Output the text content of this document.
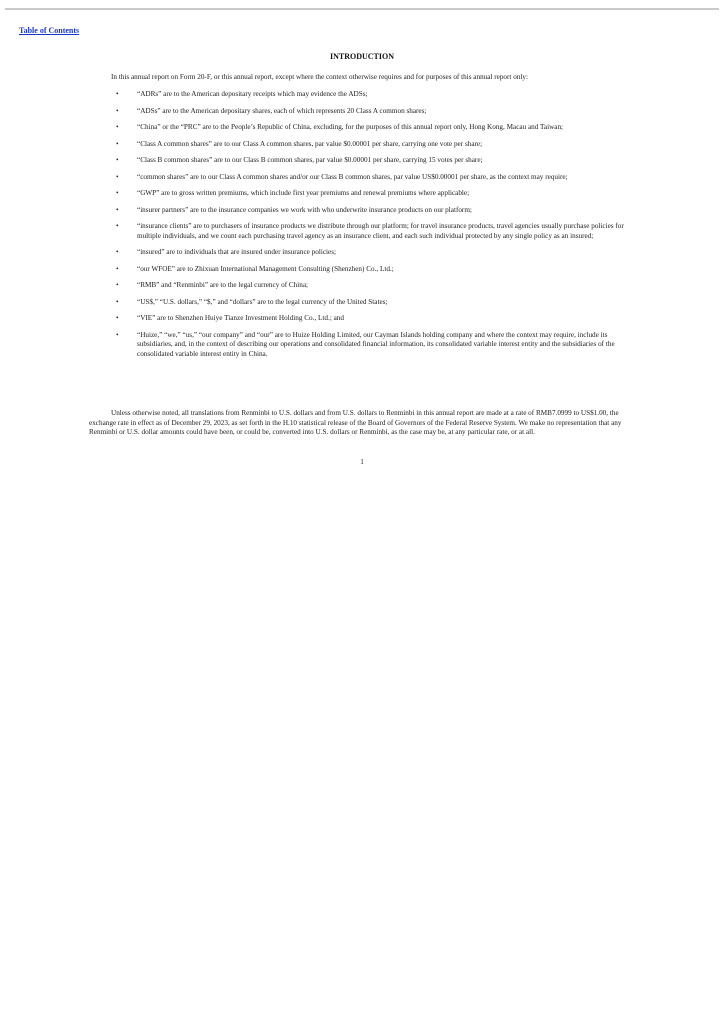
Table of Contents
INTRODUCTION
In this annual report on Form 20-F, or this annual report, except where the context otherwise requires and for purposes of this annual report only:
•	“ADRs” are to the American depositary receipts which may evidence the ADSs;
•	“ADSs” are to the American depositary shares, each of which represents 20 Class A common shares;
•	“China” or the “PRC” are to the People’s Republic of China, excluding, for the purposes of this annual report only, Hong Kong, Macau and Taiwan;
•	“Class A common shares” are to our Class A common shares, par value $0.00001 per share, carrying one vote per share;
•	“Class B common shares” are to our Class B common shares, par value $0.00001 per share, carrying 15 votes per share;
•	“common shares” are to our Class A common shares and/or our Class B common shares, par value US$0.00001 per share, as the context may require;
•	“GWP” are to gross written premiums, which include first year premiums and renewal premiums where applicable;
•	“insurer partners” are to the insurance companies we work with who underwrite insurance products on our platform;
•	“insurance clients” are to purchasers of insurance products we distribute through our platform; for travel insurance products, travel agencies usually purchase policies for multiple individuals, and we count each purchasing travel agency as an insurance client, and each such individual protected by any single policy as an insured;
•	“insured” are to individuals that are insured under insurance policies;
•	“our WFOE” are to Zhixuan International Management Consulting (Shenzhen) Co., Ltd.;
•	“RMB” and “Renminbi” are to the legal currency of China;
•	“US$,” “U.S. dollars,” “$,” and “dollars” are to the legal currency of the United States;
•	“VIE” are to Shenzhen Huiye Tianze Investment Holding Co., Ltd.; and
•	“Huize,” “we,” “us,” “our company” and “our” are to Huize Holding Limited, our Cayman Islands holding company and where the context may require, include its subsidiaries, and, in the context of describing our operations and consolidated financial information, its consolidated variable interest entity and the subsidiaries of the consolidated variable interest entity in China.
Unless otherwise noted, all translations from Renminbi to U.S. dollars and from U.S. dollars to Renminbi in this annual report are made at a rate of RMB7.0999 to US$1.00, the exchange rate in effect as of December 29, 2023, as set forth in the H.10 statistical release of the Board of Governors of the Federal Reserve System. We make no representation that any Renminbi or U.S. dollar amounts could have been, or could be, converted into U.S. dollars or Renminbi, as the case may be, at any particular rate, or at all.
1
